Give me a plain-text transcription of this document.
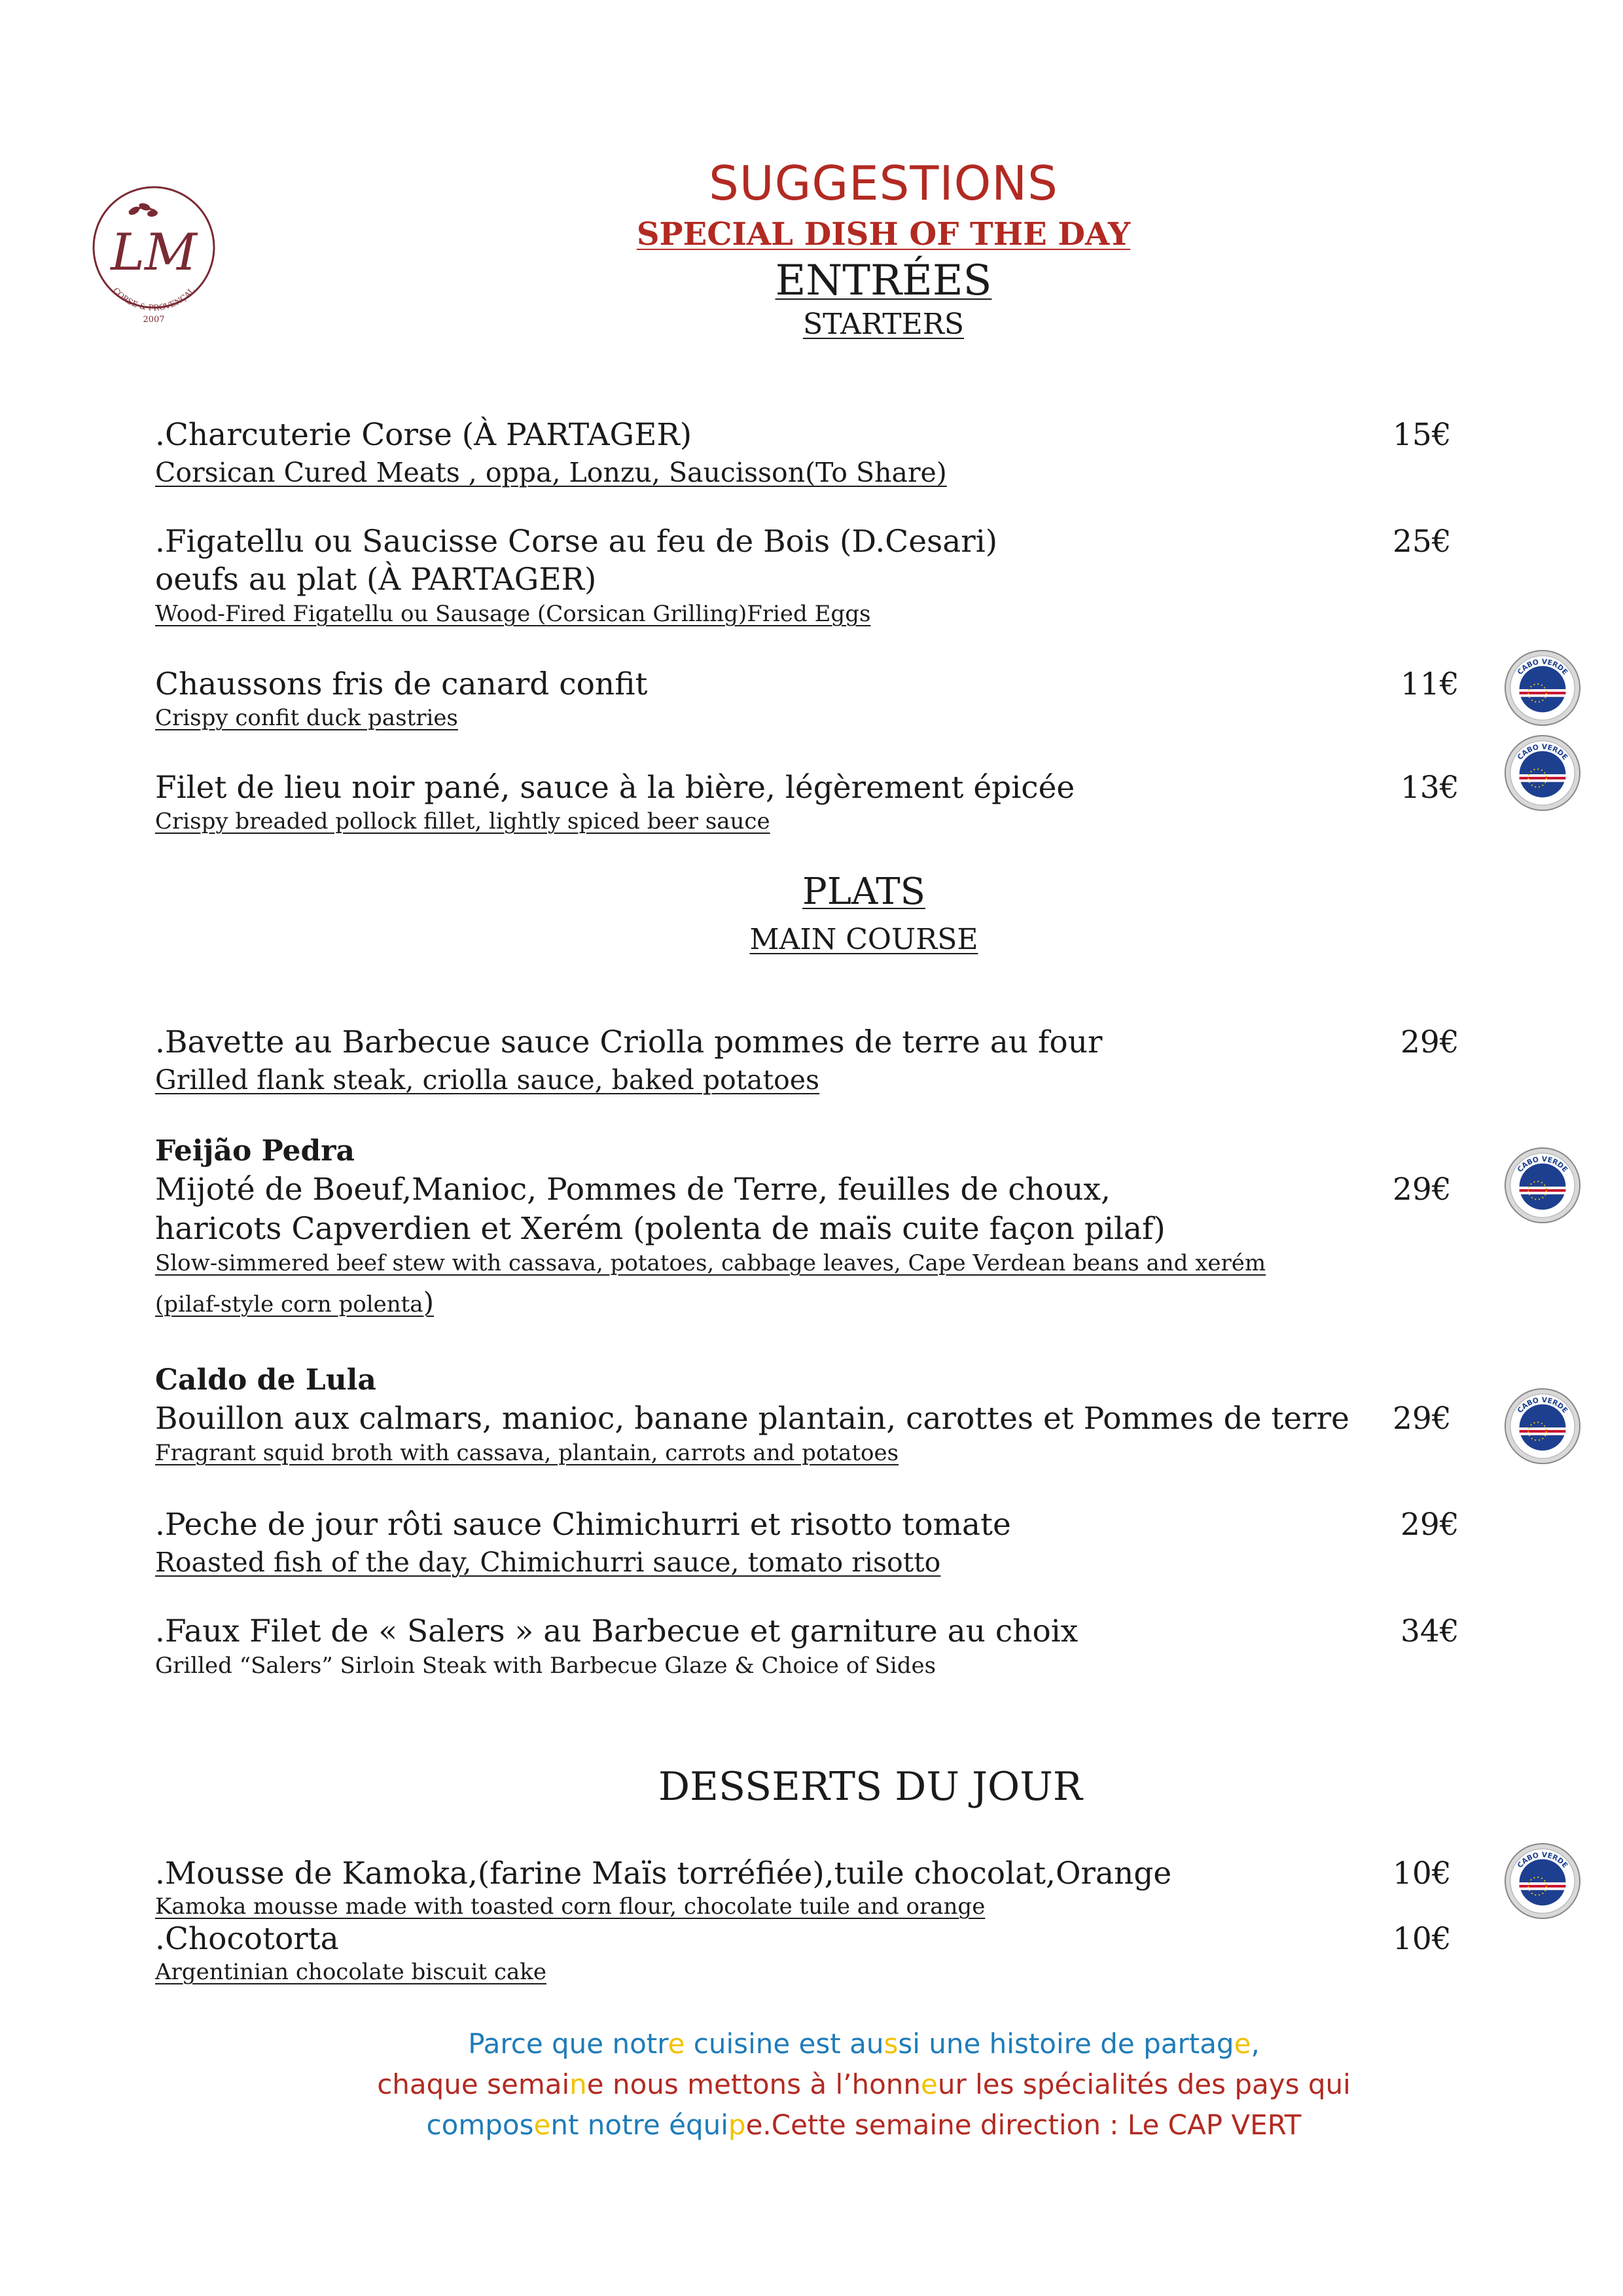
LM
CORSE & PROVENÇAL
2007
SUGGESTIONS
SPECIAL DISH OF THE DAY
ENTRÉES
STARTERS
.Charcuterie Corse (À PARTAGER)
Corsican Cured Meats , oppa, Lonzu, Saucisson(To Share)
15€
.Figatellu ou Saucisse Corse au feu de Bois (D.Cesari)
oeufs au plat (À PARTAGER)
Wood-Fired Figatellu ou Sausage (Corsican Grilling)Fried Eggs
25€
Chaussons fris de canard confit
Crispy confit duck pastries
11€
Filet de lieu noir pané, sauce à la bière, légèrement épicée
Crispy breaded pollock fillet, lightly spiced beer sauce
13€
PLATS
MAIN COURSE
.Bavette au Barbecue sauce Criolla pommes de terre au four
Grilled flank steak, criolla sauce, baked potatoes
29€
Feijão Pedra
Mijoté de Boeuf,Manioc, Pommes de Terre, feuilles de choux,
haricots Capverdien et Xerém (polenta de maïs cuite façon pilaf)
Slow-simmered beef stew with cassava, potatoes, cabbage leaves, Cape Verdean beans and xerém
(pilaf-style corn polenta)
29€
Caldo de Lula
Bouillon aux calmars, manioc, banane plantain, carottes et Pommes de terre
Fragrant squid broth with cassava, plantain, carrots and potatoes
29€
.Peche de jour rôti sauce Chimichurri et risotto tomate
Roasted fish of the day, Chimichurri sauce, tomato risotto
29€
.Faux Filet de « Salers » au Barbecue et garniture au choix
Grilled “Salers” Sirloin Steak with Barbecue Glaze & Choice of Sides
34€
DESSERTS DU JOUR
.Mousse de Kamoka,(farine Maïs torréfiée),tuile chocolat,Orange
Kamoka mousse made with toasted corn flour, chocolate tuile and orange
10€
.Chocotorta
Argentinian chocolate biscuit cake
10€
CABO VERDE
CABO VERDE
CABO VERDE
CABO VERDE
CABO VERDE
Parce que notre cuisine est aussi une histoire de partage,
chaque semaine nous mettons à l’honneur les spécialités des pays qui
composent notre équipe.Cette semaine direction : Le CAP VERT
